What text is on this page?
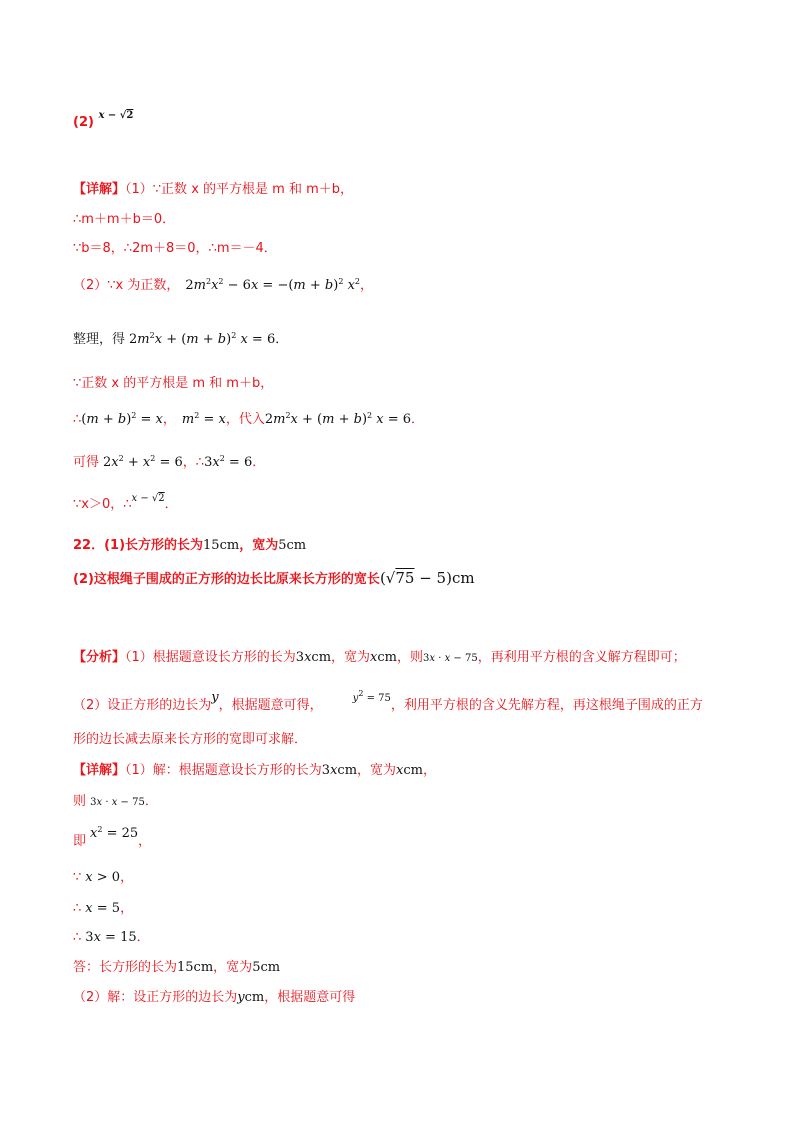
(2) $^{x - √2}$
【详解】（1）∵正数 x 的平方根是 m 和 m＋b，
∴m＋m＋b＝0．
∵b＝8，∴2m＋8＝0，∴m＝－4．
（2）∵x 为正数， $2m^2x^2 - 6x = -(m + b)^2$ $x^2$，
整理，得 $2m^2x + (m + b)^2$ x = 6．
∵正数 x 的平方根是 m 和 m＋b，
∴(m + b)$^2$ = x， $m^2 = x$，代入$2m^2x + (m + b)^2$ x = 6．
可得 $2x^2 + x^2 = 6$，$\therefore 3x^2 = 6$．
∵x＞0，∴$^{x - √2}$．
22．(1)长方形的长为15cm，宽为5cm
(2)这根绳子围成的正方形的边长比原来长方形的宽长(√75 − 5)cm
【分析】（1）根据题意设长方形的长为3xcm，宽为xcm，则3x · x − 75，再利用平方根的含义解方程即可；
（2）设正方形的边长为y，根据题意可得，	$^{y^2 = 75}$，利用平方根的含义先解方程，再这根绳子围成的正方
形的边长减去原来长方形的宽即可求解．
【详解】（1）解：根据题意设长方形的长为3xcm，宽为xcm，
则 3x · x − 75．
即$x^2 = 25$，
∵ x > 0，
∴ x = 5，
∴ 3x = 15．
答：长方形的长为15cm，宽为5cm
（2）解：设正方形的边长为ycm，根据题意可得
